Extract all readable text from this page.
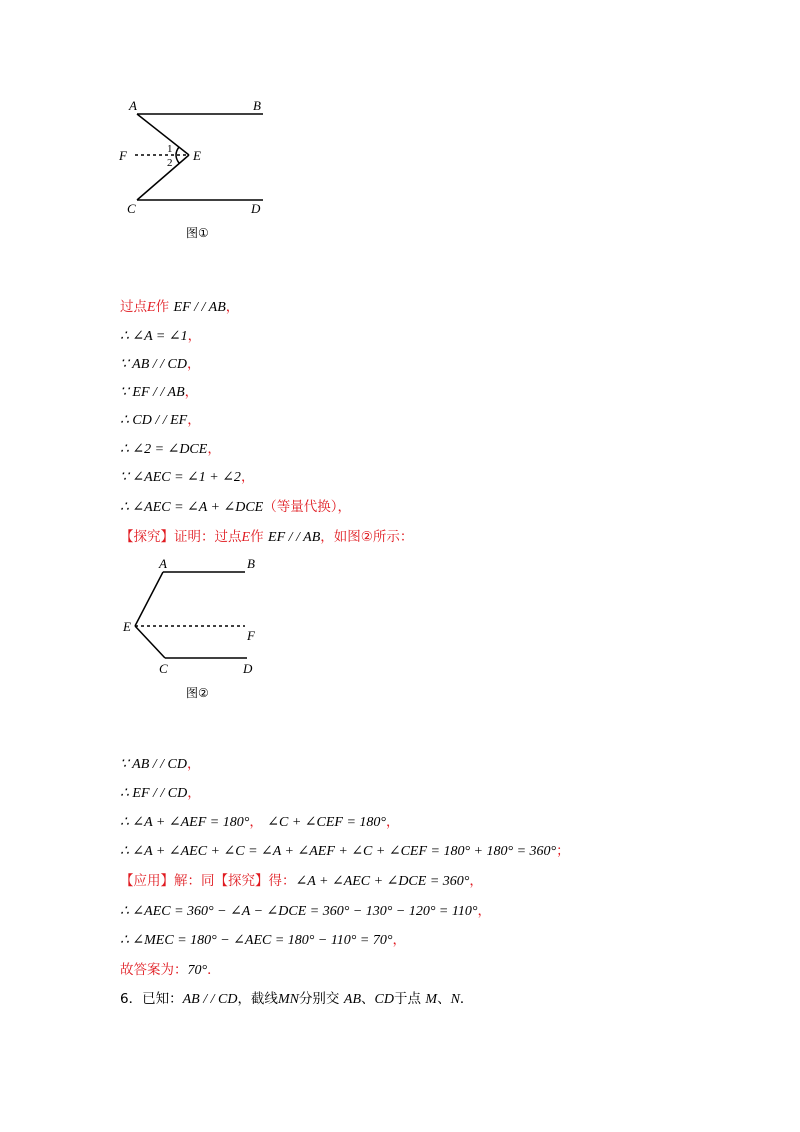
A	B
F	E
C	D
1
2
图①
过点E作 EF / / AB，
∴ ∠A = ∠1，
∵ AB / / CD，
∵ EF / / AB，
∴ CD / / EF，
∴ ∠2 = ∠DCE，
∵ ∠AEC = ∠1 + ∠2，
∴ ∠AEC = ∠A + ∠DCE（等量代换），
【探究】证明：过点E作 EF / / AB，如图②所示：
A	B
E
F
C	D
图②
∵ AB / / CD，
∴ EF / / CD，
∴ ∠A + ∠AEF = 180°， ∠C + ∠CEF = 180°，
∴ ∠A + ∠AEC + ∠C = ∠A + ∠AEF + ∠C + ∠CEF = 180° + 180° = 360°；
【应用】解：同【探究】得：∠A + ∠AEC + ∠DCE = 360°，
∴ ∠AEC = 360° − ∠A − ∠DCE = 360° − 130° − 120° = 110°，
∴ ∠MEC = 180° − ∠AEC = 180° − 110° = 70°，
故答案为：70°．
6．已知：AB / / CD，截线MN分别交 AB、CD于点 M、N．
